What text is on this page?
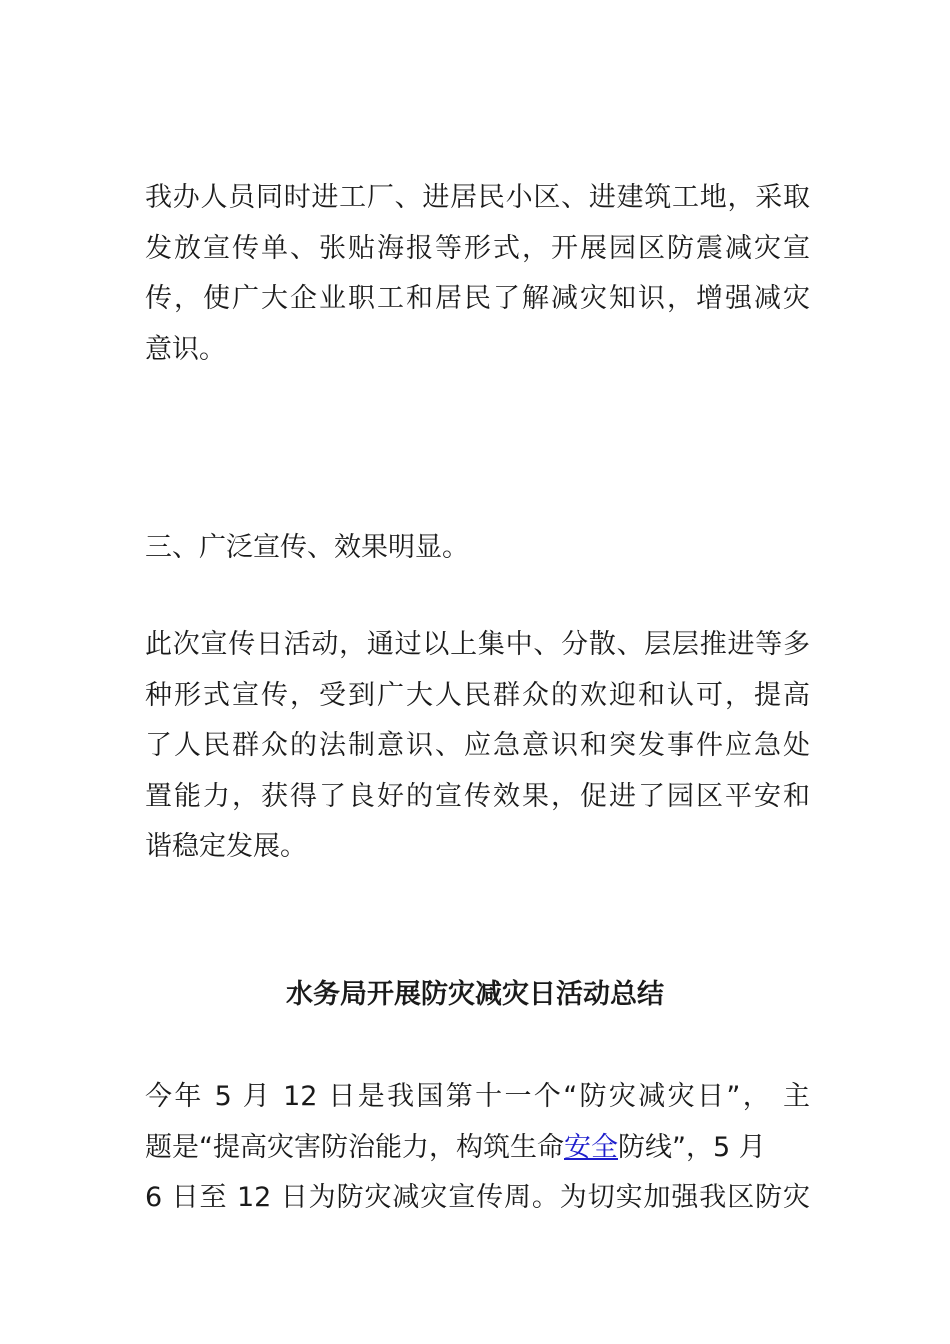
我办人员同时进工厂、进居民小区、进建筑工地，采取
发放宣传单、张贴海报等形式，开展园区防震减灾宣
传，使广大企业职工和居民了解减灾知识，增强减灾
意识。

三、广泛宣传、效果明显。

此次宣传日活动，通过以上集中、分散、层层推进等多
种形式宣传，受到广大人民群众的欢迎和认可，提高
了人民群众的法制意识、应急意识和突发事件应急处
置能力，获得了良好的宣传效果，促进了园区平安和
谐稳定发展。

水务局开展防灾减灾日活动总结

今年 5 月 12 日是我国第十一个“防灾减灾日”， 主
题是“提高灾害防治能力，构筑生命安全防线”，5 月
6 日至 12 日为防灾减灾宣传周。为切实加强我区防灾
